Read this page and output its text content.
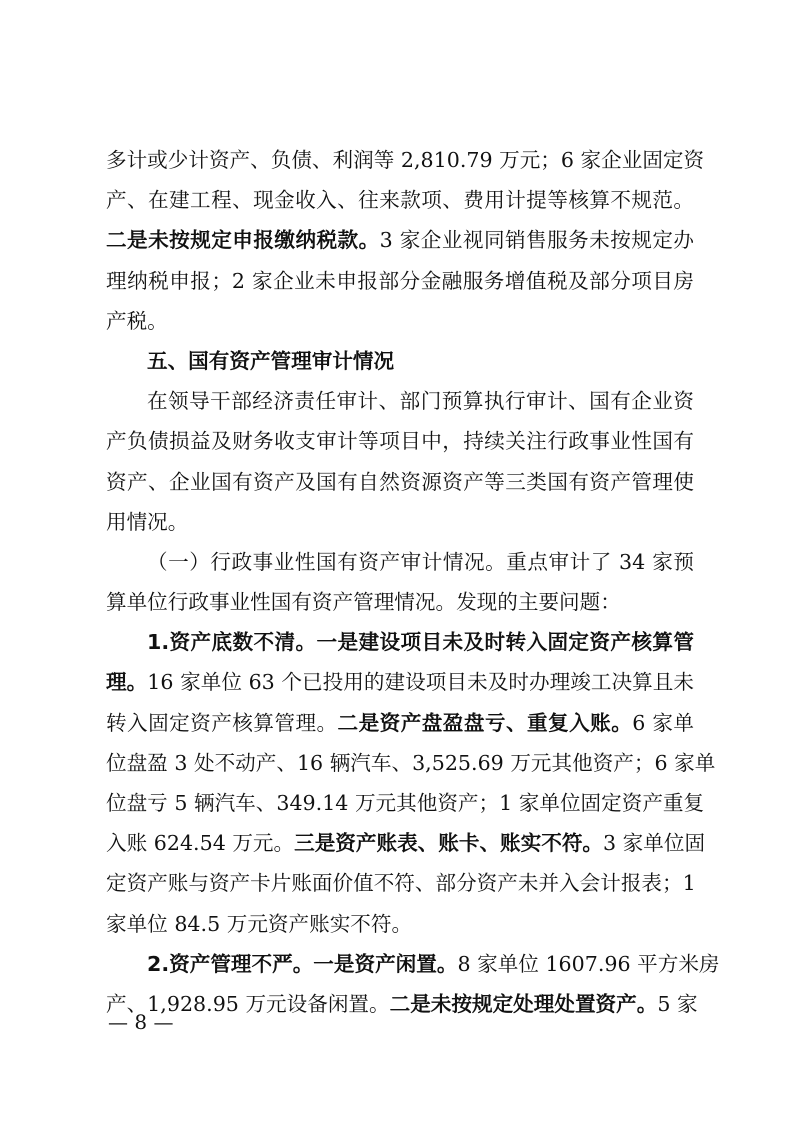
多计或少计资产、负债、利润等 2,810.79 万元；6 家企业固定资
产、在建工程、现金收入、往来款项、费用计提等核算不规范。
二是未按规定申报缴纳税款。3 家企业视同销售服务未按规定办
理纳税申报；2 家企业未申报部分金融服务增值税及部分项目房
产税。
五、国有资产管理审计情况
在领导干部经济责任审计、部门预算执行审计、国有企业资
产负债损益及财务收支审计等项目中，持续关注行政事业性国有
资产、企业国有资产及国有自然资源资产等三类国有资产管理使
用情况。
（一）行政事业性国有资产审计情况。重点审计了 34 家预
算单位行政事业性国有资产管理情况。发现的主要问题：
1.资产底数不清。一是建设项目未及时转入固定资产核算管
理。16 家单位 63 个已投用的建设项目未及时办理竣工决算且未
转入固定资产核算管理。二是资产盘盈盘亏、重复入账。6 家单
位盘盈 3 处不动产、16 辆汽车、3,525.69 万元其他资产；6 家单
位盘亏 5 辆汽车、349.14 万元其他资产；1 家单位固定资产重复
入账 624.54 万元。三是资产账表、账卡、账实不符。3 家单位固
定资产账与资产卡片账面价值不符、部分资产未并入会计报表；1
家单位 84.5 万元资产账实不符。
2.资产管理不严。一是资产闲置。8 家单位 1607.96 平方米房
产、1,928.95 万元设备闲置。二是未按规定处理处置资产。5 家
— 8 —
